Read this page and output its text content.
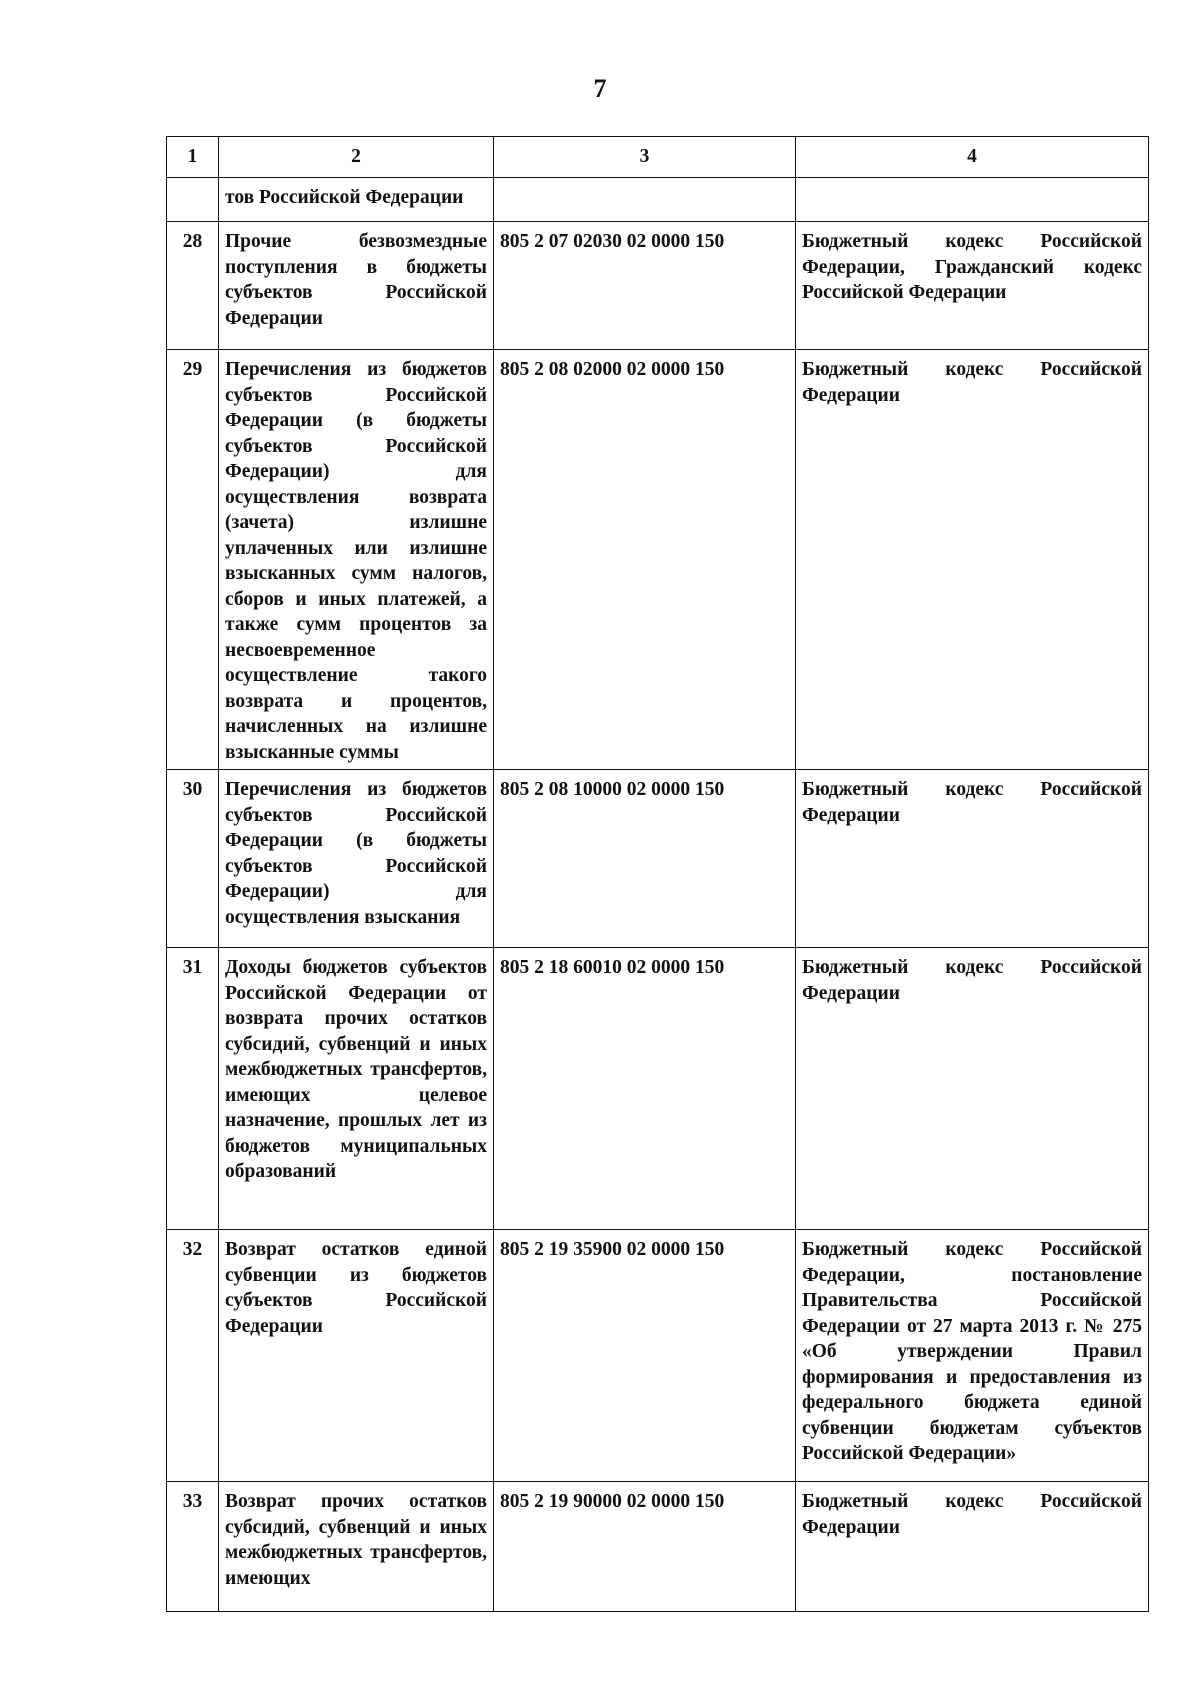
7
1	2	3	4
	тов Российской Федерации		
28	Прочие безвозмездные поступления в бюджеты субъектов Российской Федерации	805 2 07 02030 02 0000 150	Бюджетный кодекс Российской Федерации, Гражданский кодекс Российской Федерации
29	Перечисления из бюджетов субъектов Российской Федерации (в бюджеты субъектов Российской Федерации) для осуществления возврата (зачета) излишне уплаченных или излишне взысканных сумм налогов, сборов и иных платежей, а также сумм процентов за несвоевременное осуществление такого возврата и процентов, начисленных на излишне взысканные суммы	805 2 08 02000 02 0000 150	Бюджетный кодекс Российской Федерации
30	Перечисления из бюджетов субъектов Российской Федерации (в бюджеты субъектов Российской Федерации) для осуществления взыскания	805 2 08 10000 02 0000 150	Бюджетный кодекс Российской Федерации
31	Доходы бюджетов субъектов Российской Федерации от возврата прочих остатков субсидий, субвенций и иных межбюджетных трансфертов, имеющих целевое назначение, прошлых лет из бюджетов муниципальных образований	805 2 18 60010 02 0000 150	Бюджетный кодекс Российской Федерации
32	Возврат остатков единой субвенции из бюджетов субъектов Российской Федерации	805 2 19 35900 02 0000 150	Бюджетный кодекс Российской Федерации, постановление Правительства Российской Федерации от 27 марта 2013 г. № 275 «Об утверждении Правил формирования и предоставления из федерального бюджета единой субвенции бюджетам субъектов Российской Федерации»
33	Возврат прочих остатков субсидий, субвенций и иных межбюджетных трансфертов, имеющих	805 2 19 90000 02 0000 150	Бюджетный кодекс Российской Федерации
